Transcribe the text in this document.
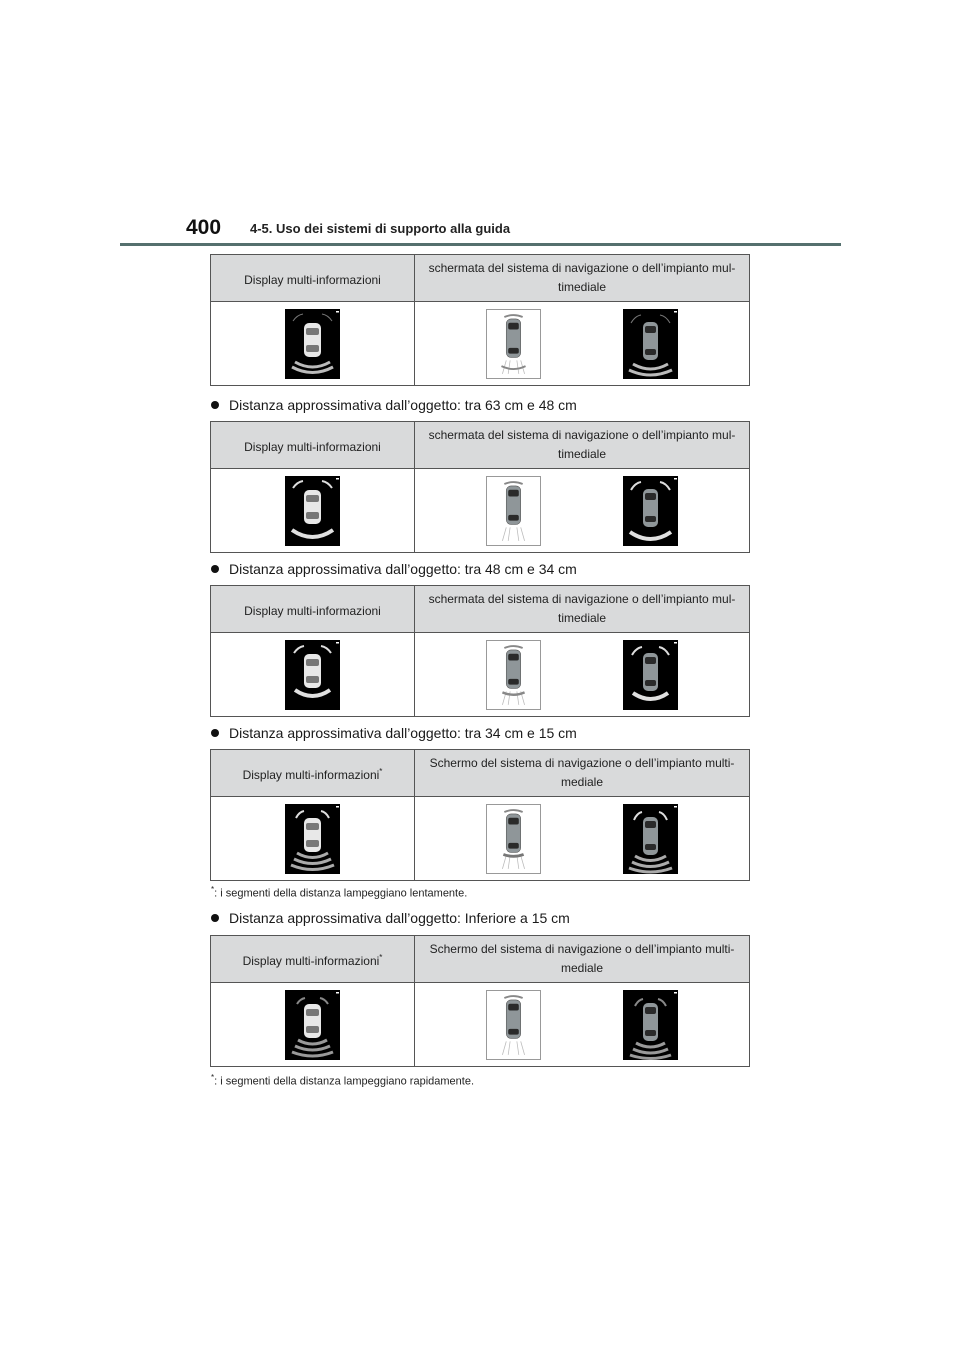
400 4-5. Uso dei sistemi di supporto alla guida
Display multi-informazioni	schermata del sistema di navigazione o dell’impianto mul-timediale

Distanza approssimativa dall’oggetto: tra 63 cm e 48 cm
Display multi-informazioni	schermata del sistema di navigazione o dell’impianto mul-timediale

Distanza approssimativa dall’oggetto: tra 48 cm e 34 cm
Display multi-informazioni	schermata del sistema di navigazione o dell’impianto mul-timediale

Distanza approssimativa dall’oggetto: tra 34 cm e 15 cm
Display multi-informazioni*	Schermo del sistema di navigazione o dell’impianto multi-mediale

*: i segmenti della distanza lampeggiano lentamente.
Distanza approssimativa dall’oggetto: Inferiore a 15 cm
Display multi-informazioni*	Schermo del sistema di navigazione o dell’impianto multi-mediale

*: i segmenti della distanza lampeggiano rapidamente.
